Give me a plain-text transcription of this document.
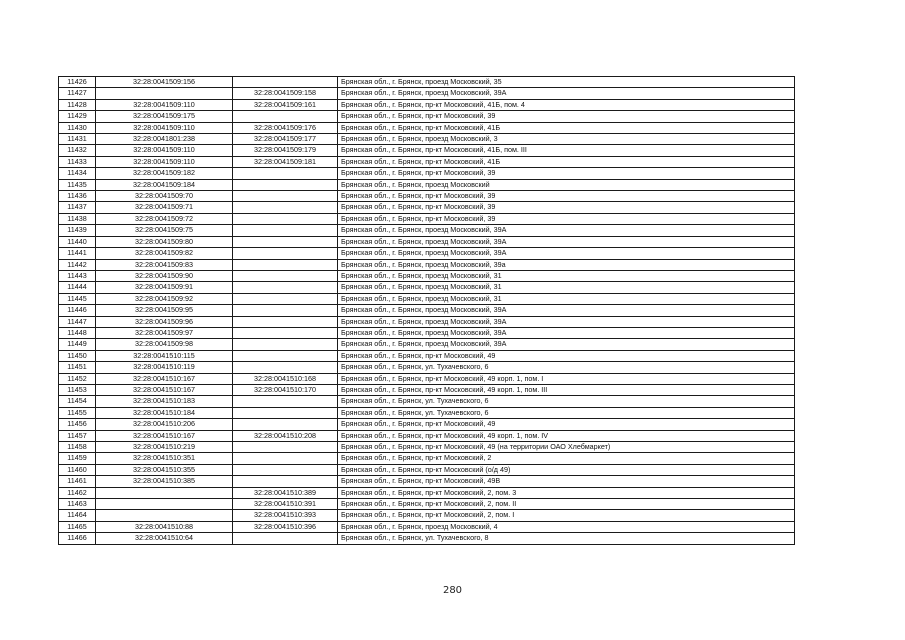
11426	32:28:0041509:156		Брянская обл., г. Брянск, проезд Московский, 35
11427		32:28:0041509:158	Брянская обл., г. Брянск, проезд Московский, 39А
11428	32:28:0041509:110	32:28:0041509:161	Брянская обл., г. Брянск, пр-кт Московский, 41Б, пом. 4
11429	32:28:0041509:175		Брянская обл., г. Брянск, пр-кт Московский, 39
11430	32:28:0041509:110	32:28:0041509:176	Брянская обл., г. Брянск, пр-кт Московский, 41Б
11431	32:28:0041801:238	32:28:0041509:177	Брянская обл., г. Брянск, проезд Московский, 3
11432	32:28:0041509:110	32:28:0041509:179	Брянская обл., г. Брянск, пр-кт Московский, 41Б, пом. III
11433	32:28:0041509:110	32:28:0041509:181	Брянская обл., г. Брянск, пр-кт Московский, 41Б
11434	32:28:0041509:182		Брянская обл., г. Брянск, пр-кт Московский, 39
11435	32:28:0041509:184		Брянская обл., г. Брянск, проезд Московский
11436	32:28:0041509:70		Брянская обл., г. Брянск, пр-кт Московский, 39
11437	32:28:0041509:71		Брянская обл., г. Брянск, пр-кт Московский, 39
11438	32:28:0041509:72		Брянская обл., г. Брянск, пр-кт Московский, 39
11439	32:28:0041509:75		Брянская обл., г. Брянск, проезд Московский, 39А
11440	32:28:0041509:80		Брянская обл., г. Брянск, проезд Московский, 39А
11441	32:28:0041509:82		Брянская обл., г. Брянск, проезд Московский, 39А
11442	32:28:0041509:83		Брянская обл., г. Брянск, проезд Московский, 39а
11443	32:28:0041509:90		Брянская обл., г. Брянск, проезд Московский, 31
11444	32:28:0041509:91		Брянская обл., г. Брянск, проезд Московский, 31
11445	32:28:0041509:92		Брянская обл., г. Брянск, проезд Московский, 31
11446	32:28:0041509:95		Брянская обл., г. Брянск, проезд Московский, 39А
11447	32:28:0041509:96		Брянская обл., г. Брянск, проезд Московский, 39А
11448	32:28:0041509:97		Брянская обл., г. Брянск, проезд Московский, 39А
11449	32:28:0041509:98		Брянская обл., г. Брянск, проезд Московский, 39А
11450	32:28:0041510:115		Брянская обл., г. Брянск, пр-кт Московский, 49
11451	32:28:0041510:119		Брянская обл., г. Брянск, ул. Тухачевского, 6
11452	32:28:0041510:167	32:28:0041510:168	Брянская обл., г. Брянск, пр-кт Московский, 49 корп. 1, пом. I
11453	32:28:0041510:167	32:28:0041510:170	Брянская обл., г. Брянск, пр-кт Московский, 49 корп. 1, пом. III
11454	32:28:0041510:183		Брянская обл., г. Брянск, ул. Тухачевского, 6
11455	32:28:0041510:184		Брянская обл., г. Брянск, ул. Тухачевского, 6
11456	32:28:0041510:206		Брянская обл., г. Брянск, пр-кт Московский, 49
11457	32:28:0041510:167	32:28:0041510:208	Брянская обл., г. Брянск, пр-кт Московский, 49 корп. 1, пом. IV
11458	32:28:0041510:219		Брянская обл., г. Брянск, пр-кт Московский, 49 (на территории ОАО Хлебмаркет)
11459	32:28:0041510:351		Брянская обл., г. Брянск, пр-кт Московский, 2
11460	32:28:0041510:355		Брянская обл., г. Брянск, пр-кт Московский (о/д 49)
11461	32:28:0041510:385		Брянская обл., г. Брянск, пр-кт Московский, 49В
11462		32:28:0041510:389	Брянская обл., г. Брянск, пр-кт Московский, 2, пом. 3
11463		32:28:0041510:391	Брянская обл., г. Брянск, пр-кт Московский, 2, пом. II
11464		32:28:0041510:393	Брянская обл., г. Брянск, пр-кт Московский, 2, пом. I
11465	32:28:0041510:88	32:28:0041510:396	Брянская обл., г. Брянск, проезд Московский, 4
11466	32:28:0041510:64		Брянская обл., г. Брянск, ул. Тухачевского, 8
280
